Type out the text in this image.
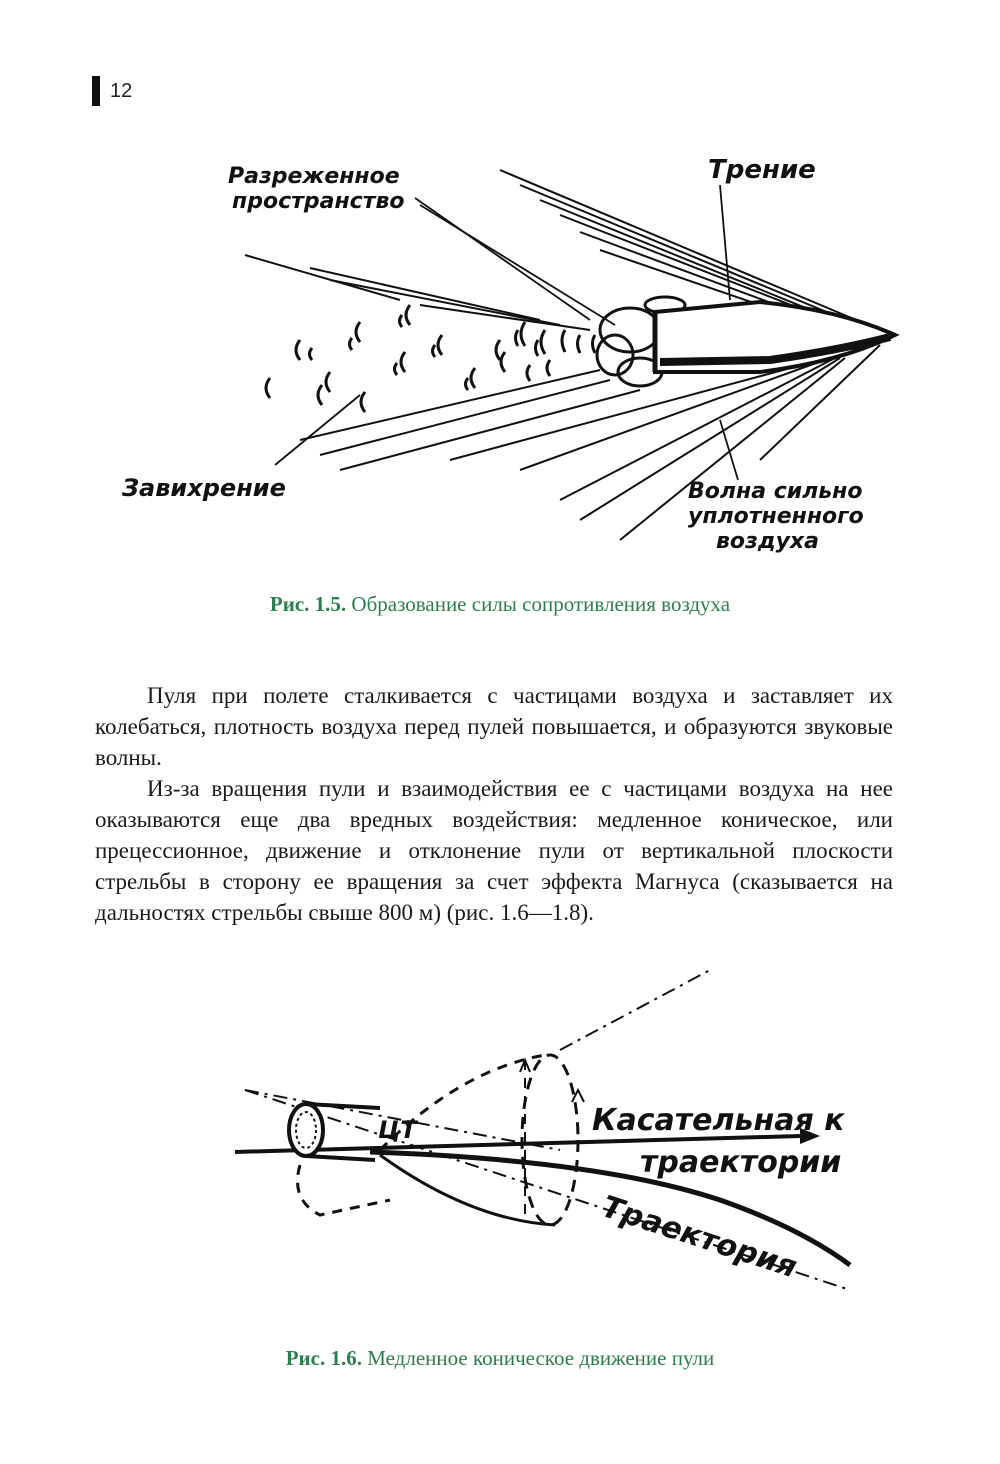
12
Разреженное
пространство
Трение
Завихрение	Волна сильно
уплотненного
воздуха
Рис. 1.5. Образование силы сопротивления воздуха

Пуля при полете сталкивается с частицами воздуха и заставляет их колебаться, плотность воздуха перед пулей повышается, и образуются звуковые волны.

Из-за вращения пули и взаимодействия ее с частицами воздуха на нее оказываются еще два вредных воздействия: медленное коническое, или прецессионное, движение и отклонение пули от вертикальной плоскости стрельбы в сторону ее вращения за счет эффекта Магнуса (сказывается на дальностях стрельбы свыше 800 м) (рис. 1.6—1.8).

ЦТ	Касательная к
траектории
Траектория
Рис. 1.6. Медленное коническое движение пули
